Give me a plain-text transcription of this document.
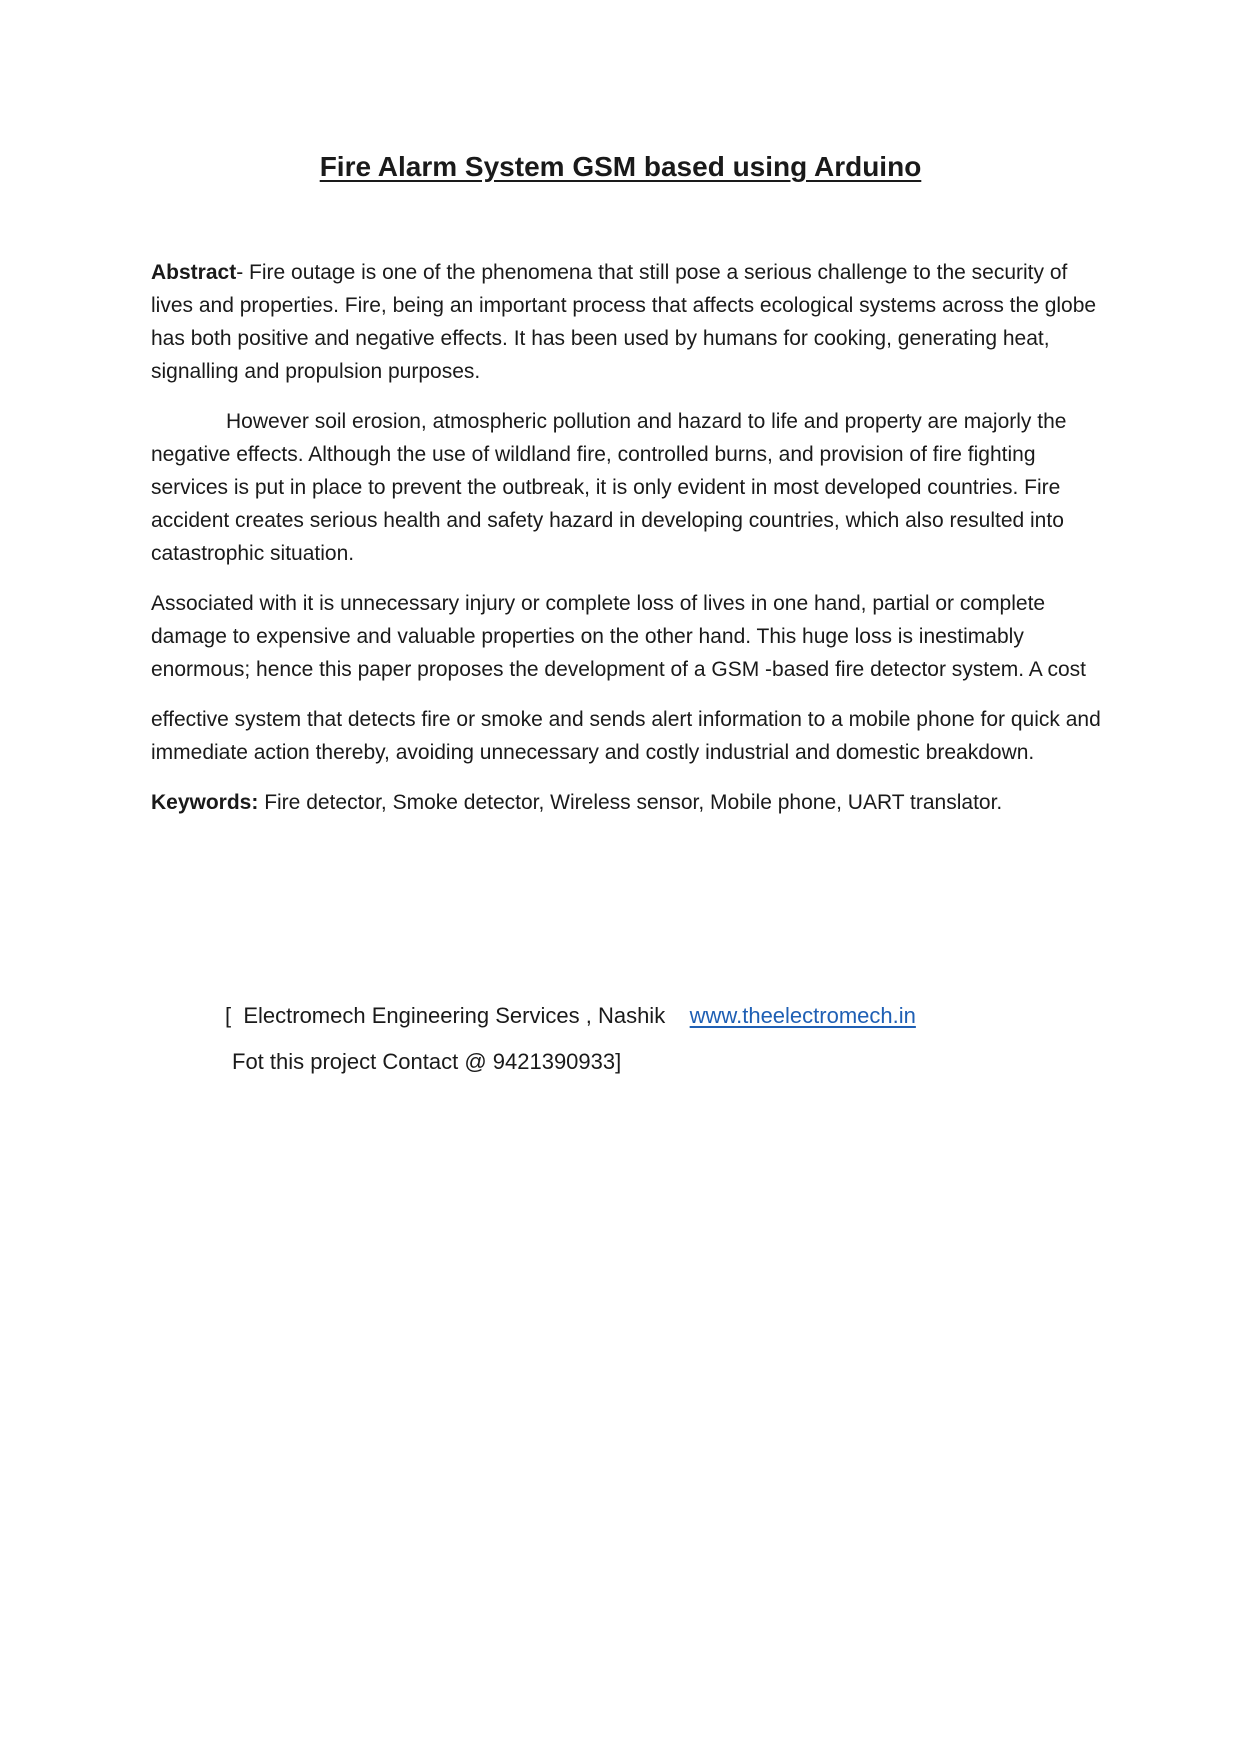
Fire Alarm System GSM based using Arduino

Abstract- Fire outage is one of the phenomena that still pose a serious challenge to the security of lives and properties. Fire, being an important process that affects ecological systems across the globe has both positive and negative effects. It has been used by humans for cooking, generating heat, signalling and propulsion purposes.

However soil erosion, atmospheric pollution and hazard to life and property are majorly the negative effects. Although the use of wildland fire, controlled burns, and provision of fire fighting services is put in place to prevent the outbreak, it is only evident in most developed countries. Fire accident creates serious health and safety hazard in developing countries, which also resulted into catastrophic situation.

Associated with it is unnecessary injury or complete loss of lives in one hand, partial or complete damage to expensive and valuable properties on the other hand. This huge loss is inestimably enormous; hence this paper proposes the development of a GSM -based fire detector system. A cost

effective system that detects fire or smoke and sends alert information to a mobile phone for quick and immediate action thereby, avoiding unnecessary and costly industrial and domestic breakdown.

Keywords: Fire detector, Smoke detector, Wireless sensor, Mobile phone, UART translator.

[  Electromech Engineering Services , Nashik    www.theelectromech.in

Fot this project Contact @ 9421390933]
